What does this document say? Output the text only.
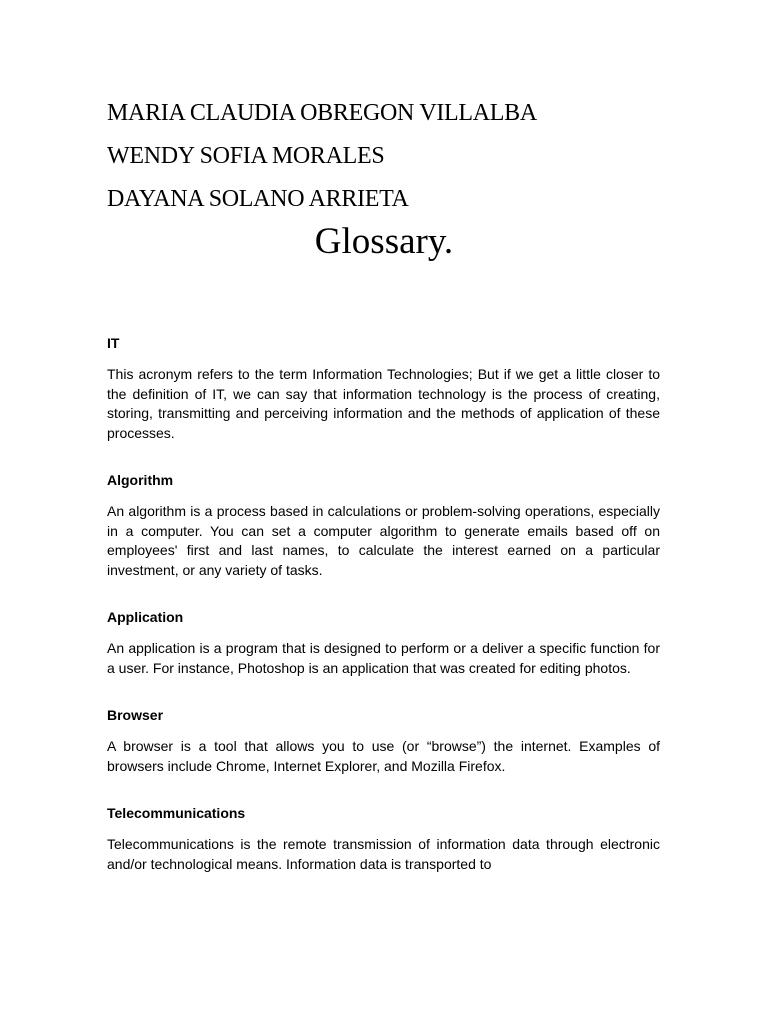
MARIA CLAUDIA OBREGON VILLALBA
WENDY SOFIA MORALES
DAYANA SOLANO ARRIETA
Glossary.

IT

This acronym refers to the term Information Technologies; But if we get a little closer to the definition of IT, we can say that information technology is the process of creating, storing, transmitting and perceiving information and the methods of application of these processes.

Algorithm

An algorithm is a process based in calculations or problem-solving operations, especially in a computer. You can set a computer algorithm to generate emails based off on employees' first and last names, to calculate the interest earned on a particular investment, or any variety of tasks.

Application

An application is a program that is designed to perform or a deliver a specific function for a user. For instance, Photoshop is an application that was created for editing photos.

Browser

A browser is a tool that allows you to use (or “browse”) the internet. Examples of browsers include Chrome, Internet Explorer, and Mozilla Firefox.

Telecommunications

Telecommunications is the remote transmission of information data through electronic and/or technological means. Information data is transported to
